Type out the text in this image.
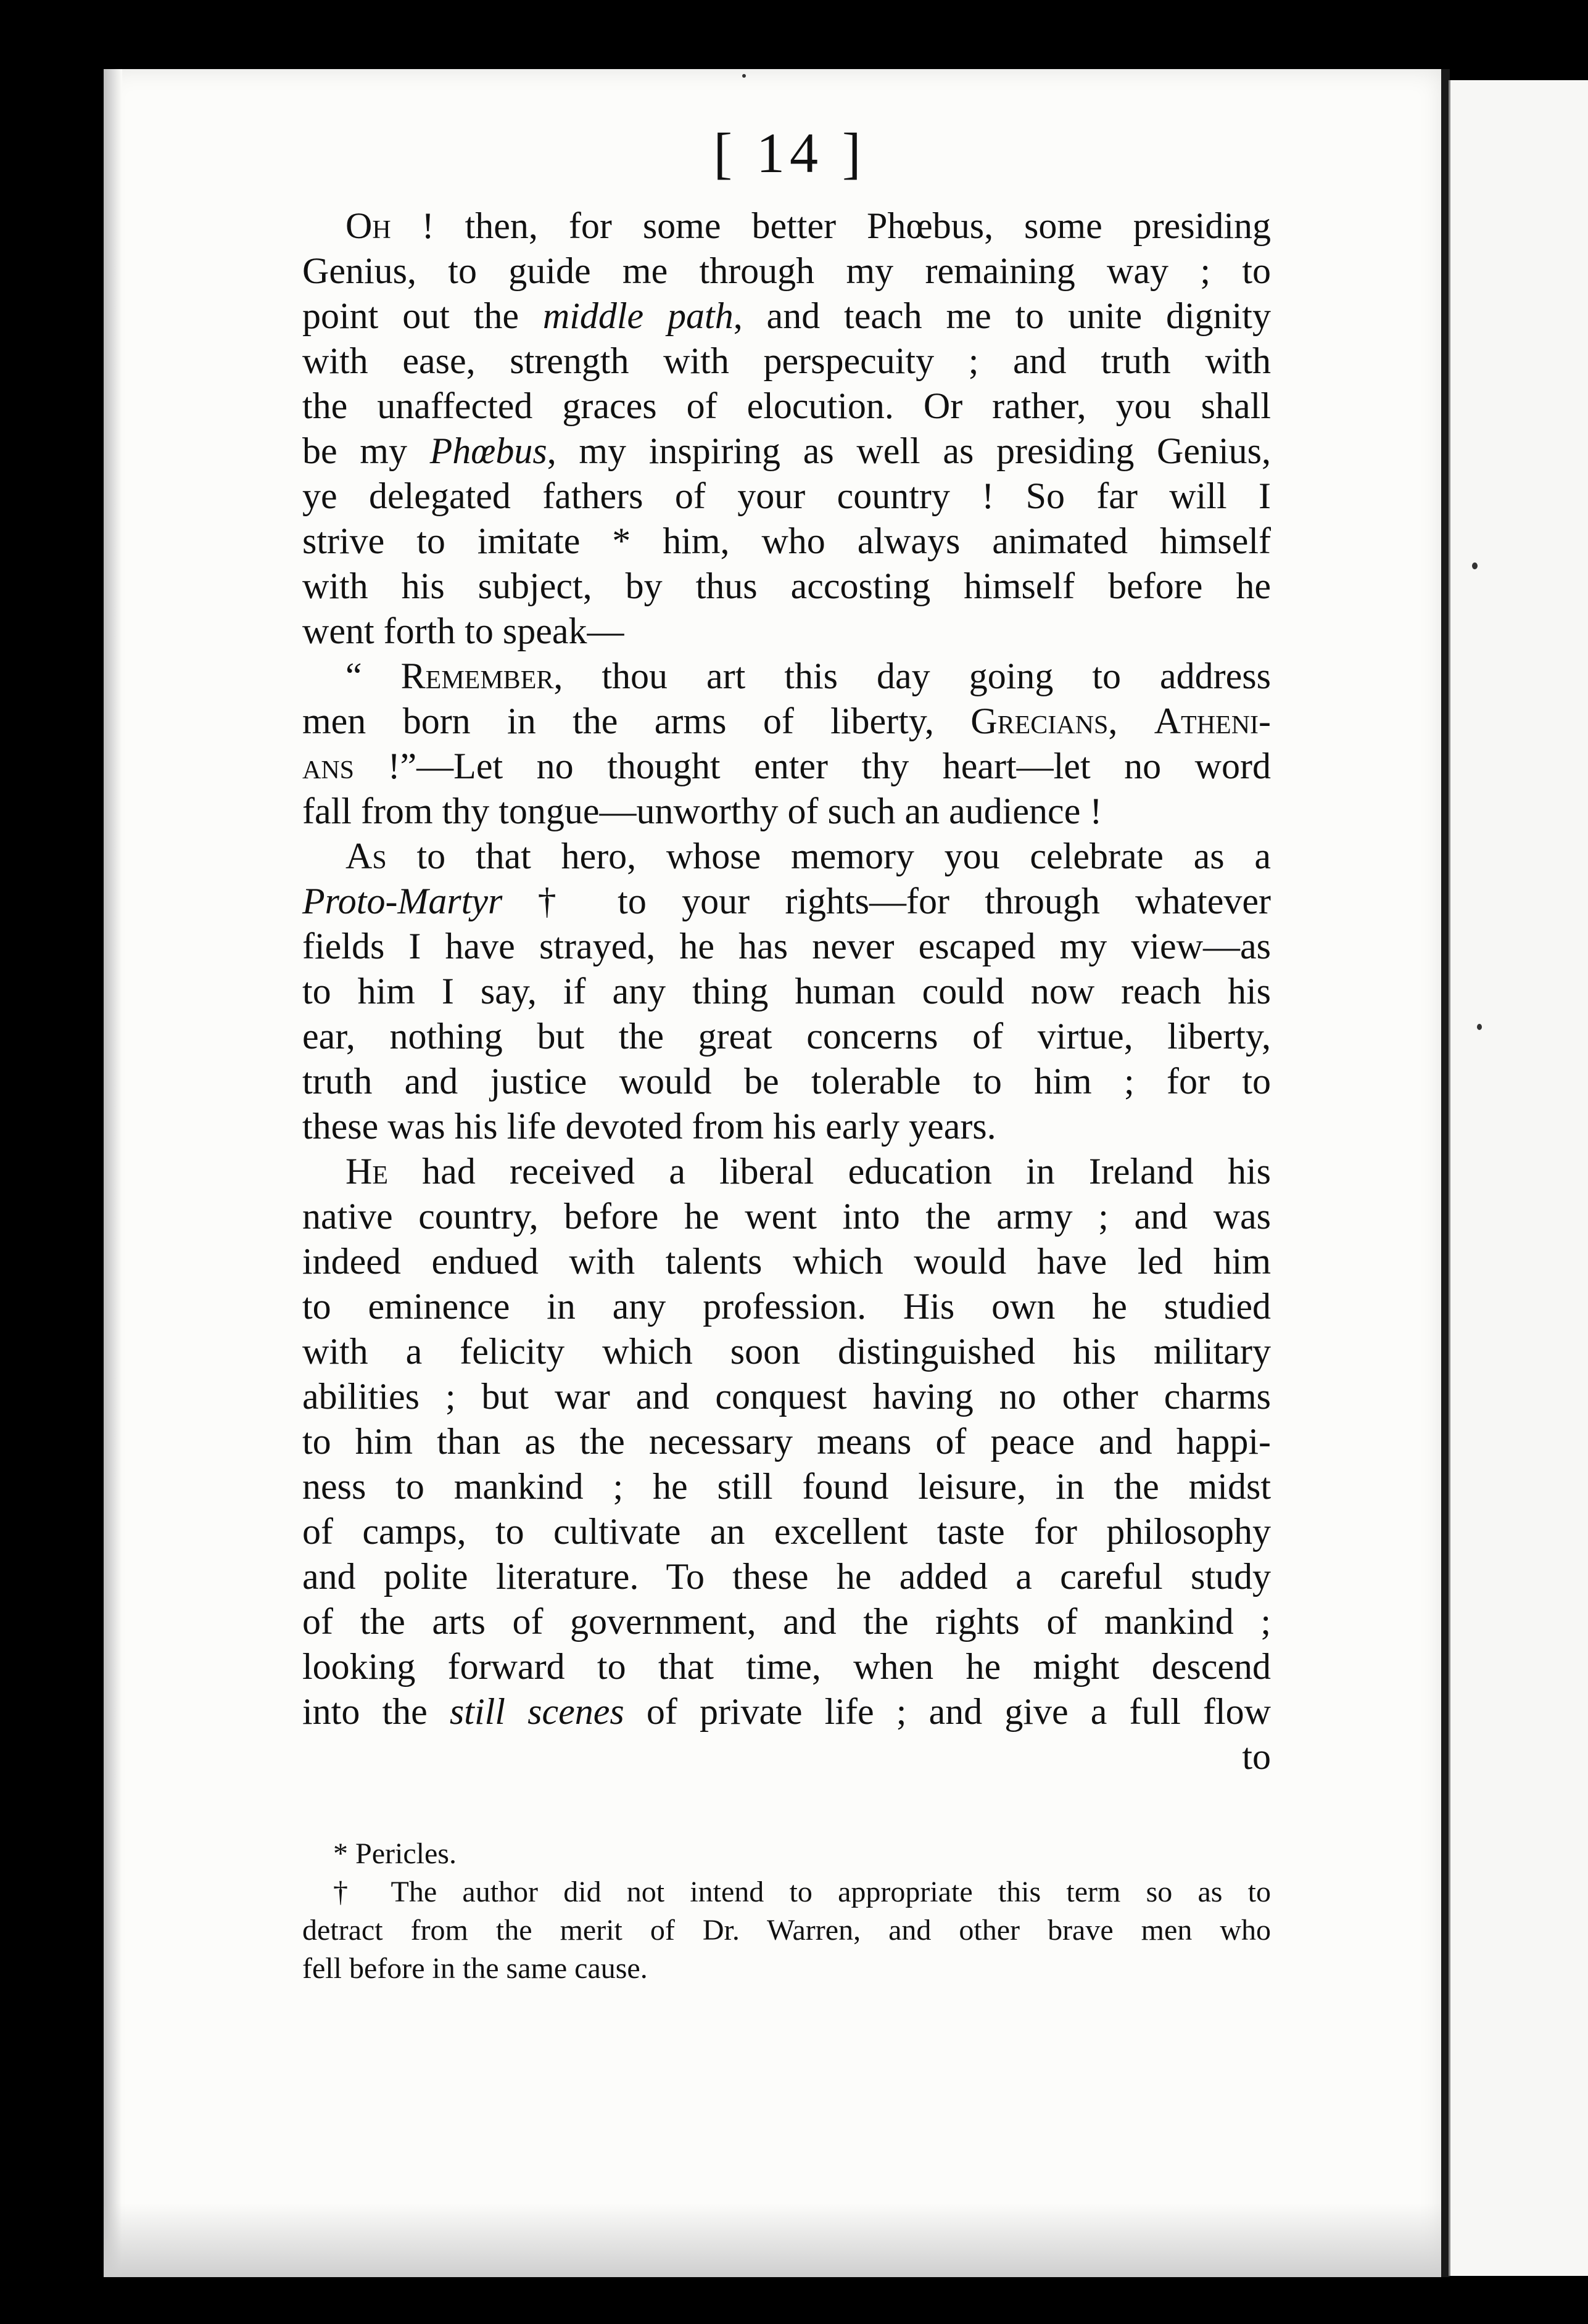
[ 14 ]
Oh ! then, for some better Phœbus, some presiding
Genius, to guide me through my remaining way ; to
point out the middle path, and teach me to unite dignity
with ease, strength with perspecuity ; and truth with
the unaffected graces of elocution. Or rather, you shall
be my Phœbus, my inspiring as well as presiding Genius,
ye delegated fathers of your country ! So far will I
strive to imitate * him, who always animated himself
with his subject, by thus accosting himself before he
went forth to speak—
“ Remember, thou art this day going to address
men born in the arms of liberty, Grecians, Atheni-
ans !”—Let no thought enter thy heart—let no word
fall from thy tongue—unworthy of such an audience !
As to that hero, whose memory you celebrate as a
Proto-Martyr † to your rights—for through whatever
fields I have strayed, he has never escaped my view—as
to him I say, if any thing human could now reach his
ear, nothing but the great concerns of virtue, liberty,
truth and justice would be tolerable to him ; for to
these was his life devoted from his early years.
He had received a liberal education in Ireland his
native country, before he went into the army ; and was
indeed endued with talents which would have led him
to eminence in any profession. His own he studied
with a felicity which soon distinguished his military
abilities ; but war and conquest having no other charms
to him than as the necessary means of peace and happi-
ness to mankind ; he still found leisure, in the midst
of camps, to cultivate an excellent taste for philosophy
and polite literature. To these he added a careful study
of the arts of government, and the rights of mankind ;
looking forward to that time, when he might descend
into the still scenes of private life ; and give a full flow
to
* Pericles.
† The author did not intend to appropriate this term so as to
detract from the merit of Dr. Warren, and other brave men who
fell before in the same cause.
